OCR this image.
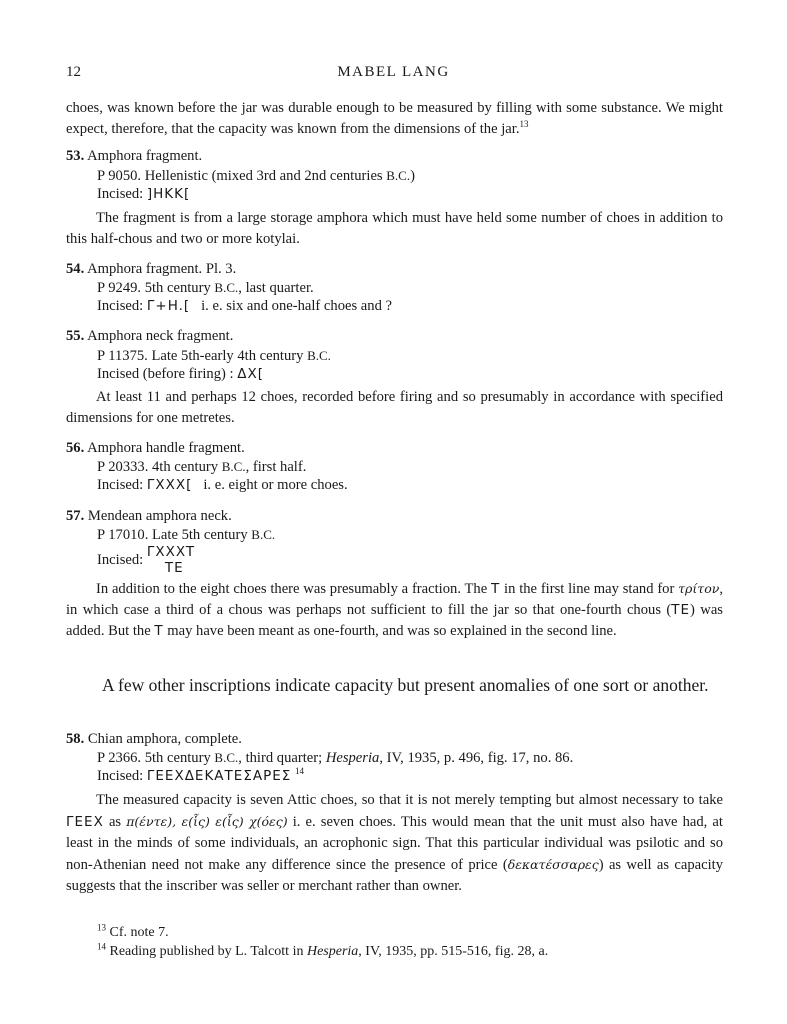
12	MABEL LANG
choes, was known before the jar was durable enough to be measured by filling with some substance. We might expect, therefore, that the capacity was known from the dimensions of the jar.$^{13}$
53. Amphora fragment.
P 9050. Hellenistic (mixed 3rd and 2nd centuries B.C.)
Incised: ]HKK[
The fragment is from a large storage amphora which must have held some number of choes in addition to this half-chous and two or more kotylai.
54. Amphora fragment. Pl. 3.
P 9249. 5th century B.C., last quarter.
Incised: Γ+H.[ i. e. six and one-half choes and ?
55. Amphora neck fragment.
P 11375. Late 5th-early 4th century B.C.
Incised (before firing) : ΔX[
At least 11 and perhaps 12 choes, recorded before firing and so presumably in accordance with specified dimensions for one metretes.
56. Amphora handle fragment.
P 20333. 4th century B.C., first half.
Incised: ΓXXX[ i. e. eight or more choes.
57. Mendean amphora neck.
P 17010. Late 5th century B.C.
Incised: ΓXXXT
TE
In addition to the eight choes there was presumably a fraction. The T in the first line may stand for τρίτον, in which case a third of a chous was perhaps not sufficient to fill the jar so that one-fourth chous (TE) was added. But the T may have been meant as one-fourth, and was so explained in the second line.
A few other inscriptions indicate capacity but present anomalies of one sort or another.
58. Chian amphora, complete.
P 2366. 5th century B.C., third quarter; Hesperia, IV, 1935, p. 496, fig. 17, no. 86.
Incised: ΓΕΕΧΔΕΚΑΤΕΣΑΡΕΣ $^{14}$
The measured capacity is seven Attic choes, so that it is not merely tempting but almost necessary to take ΓΕΕΧ as π(έντε), ε(ἷς) ε(ἷς) χ(όες) i. e. seven choes. This would mean that the unit must also have had, at least in the minds of some individuals, an acrophonic sign. That this particular individual was psilotic and so non-Athenian need not make any difference since the presence of price (δεκατέσσαρες) as well as capacity suggests that the inscriber was seller or merchant rather than owner.
$^{13}$ Cf. note 7.
$^{14}$ Reading published by L. Talcott in Hesperia, IV, 1935, pp. 515-516, fig. 28, a.
